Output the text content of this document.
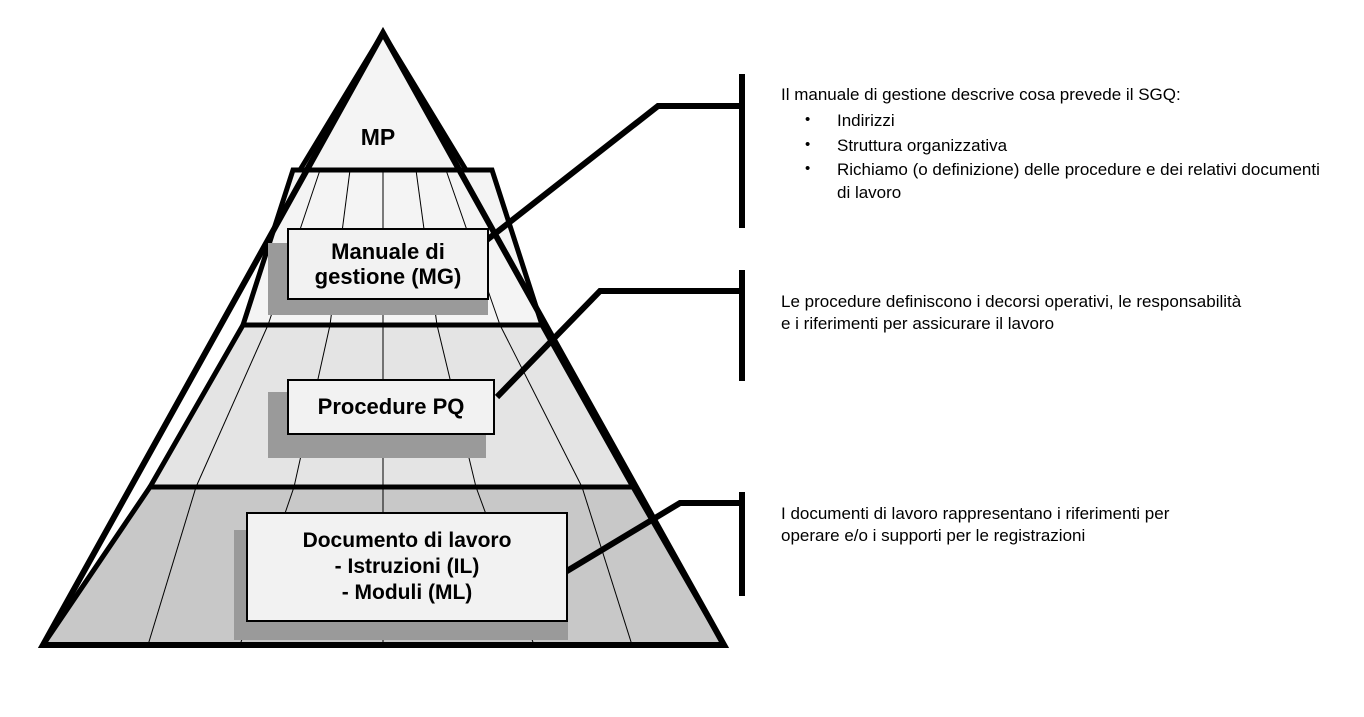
MP
Manuale di
gestione (MG)
Procedure PQ
Documento di lavoro
- Istruzioni (IL)
- Moduli (ML)
Il manuale di gestione descrive cosa prevede il SGQ:
• Indirizzi
• Struttura organizzativa
• Richiamo (o definizione) delle procedure e dei relativi documenti di lavoro
Le procedure definiscono i decorsi operativi, le responsabilità e i riferimenti per assicurare il lavoro
I documenti di lavoro rappresentano i riferimenti per operare e/o i supporti per le registrazioni
